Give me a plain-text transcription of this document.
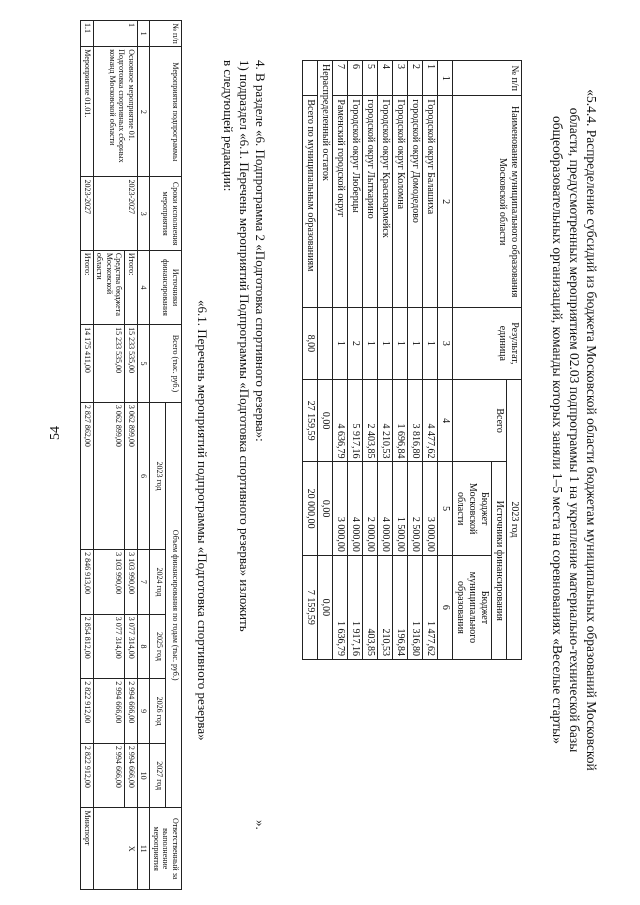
54	«5.4.4. Распределение субсидий из бюджета Московской области бюджетам муниципальных образований Московской области, предусмотренных мероприятием 02.03 подпрограммы 1 на укрепление материально-технической базы общеобразовательных организаций, команды которых заняли 1–5 места на соревнованиях «Веселые старты»
№ п/п	Наименование муниципального образования Московской области	Результат, единица	2023 год		
			Всего	Источники финансирования	
				Бюджет Московской области	Бюджет муниципального образования
1	2	3	4	5	6
1	Городской округ Балашиха	1	4 477,62	3 000,00	1 477,62
2	городской округ Домодедово	1	3 816,80	2 500,00	1 316,80
3	Городской округ Коломна	1	1 696,84	1 500,00	196,84
4	Городской округ Красноармейск	1	4 210,53	4 000,00	210,53
5	городской округ Лыткарино	1	2 403,85	2 000,00	403,85
6	Городской округ Люберцы	2	5 917,16	4 000,00	1 917,16
7	Раменский городской округ	1	4 636,79	3 000,00	1 636,79
Нераспределенный остаток			0,00	0,00	0,00
	Всего по муниципальным образованиям	8,00	27 159,59	20 000,00	7 159,59
».
4. В разделе «6. Подпрограмма 2 «Подготовка спортивного резерва»:
1) подраздел «6.1. Перечень мероприятий Подпрограммы «Подготовка спортивного резерва» изложить
в следующей редакции:
«6.1. Перечень мероприятий подпрограммы «Подготовка спортивного резерва»
№ п/п	Мероприятия подпрограммы	Сроки исполнения мероприятия	Источники финансирования	Всего (тыс. руб.)	Объем финансирования по годам (тыс. руб.)					Ответственный за выполнение мероприятия
					2023 год	2024 год	2025 год	2026 год	2027 год	
1	2	3	4	5	6	7	8	9	10	11
1	Основное мероприятие 01. Подготовка спортивных сборных команд Московской области	2023-2027	Итого:	15 233 535,00	3 062 899,00	3 103 990,00	3 077 314,00	2 994 666,00	2 994 666,00	Х
			Средства бюджета Московской области	15 233 535,00	3 062 899,00	3 103 990,00	3 077 314,00	2 994 666,00	2 994 666,00	
1.1	Мероприятие 01.01.	2023-2027	Итого:	14 175 411,00	2 827 862,00	2 846 913,00	2 854 812,00	2 822 912,00	2 822 912,00	Минспорт
